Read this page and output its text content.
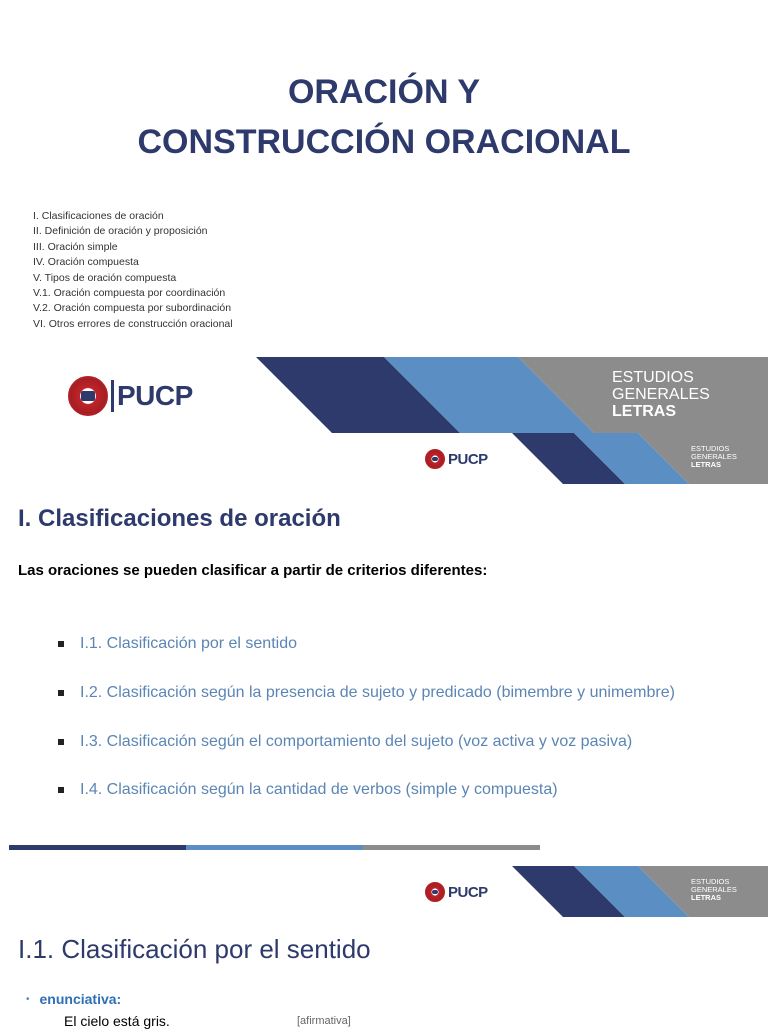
ORACIÓN Y
CONSTRUCCIÓN ORACIONAL
I. Clasificaciones de oración
II. Definición de oración y proposición
III. Oración simple
IV. Oración compuesta
V. Tipos de oración compuesta
V.1. Oración compuesta por coordinación
V.2. Oración compuesta por subordinación
VI. Otros errores de construcción oracional
PUCP
ESTUDIOS
GENERALES
LETRAS
PUCP
ESTUDIOS
GENERALES
LETRAS
I. Clasificaciones de oración
Las oraciones se pueden clasificar a partir de criterios diferentes:
I.1. Clasificación por el sentido
I.2. Clasificación según la presencia de sujeto y predicado (bimembre y unimembre)
I.3. Clasificación según el comportamiento del sujeto (voz activa y voz pasiva)
I.4. Clasificación según la cantidad de verbos (simple y compuesta)
PUCP
ESTUDIOS
GENERALES
LETRAS
I.1. Clasificación por el sentido
• enunciativa:
El cielo está gris.	[afirmativa]
